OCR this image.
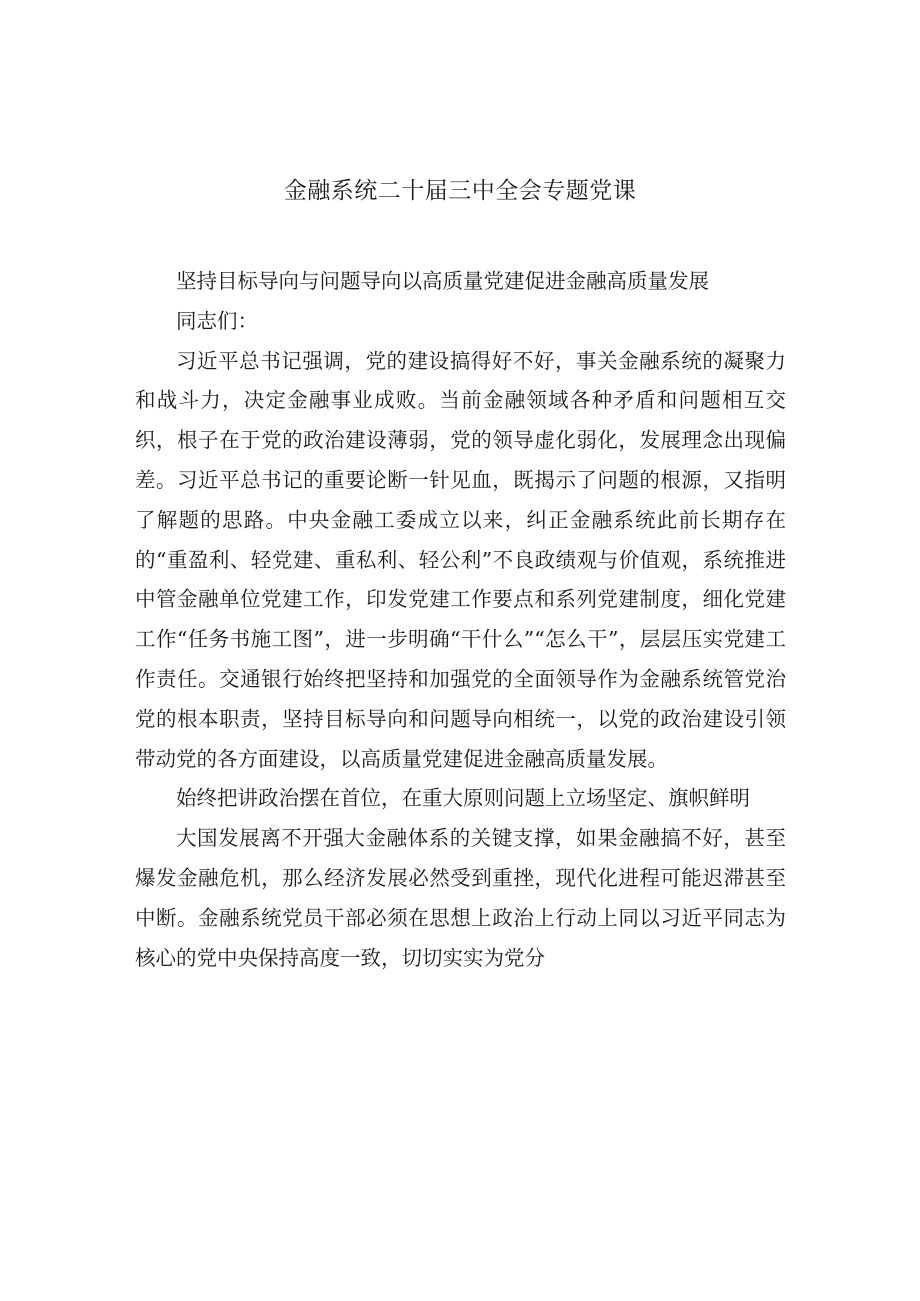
金融系统二十届三中全会专题党课

坚持目标导向与问题导向以高质量党建促进金融高质量发展

同志们：

习近平总书记强调，党的建设搞得好不好，事关金融系统的凝聚力和战斗力，决定金融事业成败。当前金融领域各种矛盾和问题相互交织，根子在于党的政治建设薄弱，党的领导虚化弱化，发展理念出现偏差。习近平总书记的重要论断一针见血，既揭示了问题的根源，又指明了解题的思路。中央金融工委成立以来，纠正金融系统此前长期存在的“重盈利、轻党建、重私利、轻公利”不良政绩观与价值观，系统推进中管金融单位党建工作，印发党建工作要点和系列党建制度，细化党建工作“任务书施工图”，进一步明确“干什么”“怎么干”，层层压实党建工作责任。交通银行始终把坚持和加强党的全面领导作为金融系统管党治党的根本职责，坚持目标导向和问题导向相统一，以党的政治建设引领带动党的各方面建设，以高质量党建促进金融高质量发展。

始终把讲政治摆在首位，在重大原则问题上立场坚定、旗帜鲜明

大国发展离不开强大金融体系的关键支撑，如果金融搞不好，甚至爆发金融危机，那么经济发展必然受到重挫，现代化进程可能迟滞甚至中断。金融系统党员干部必须在思想上政治上行动上同以习近平同志为核心的党中央保持高度一致，切切实实为党分
